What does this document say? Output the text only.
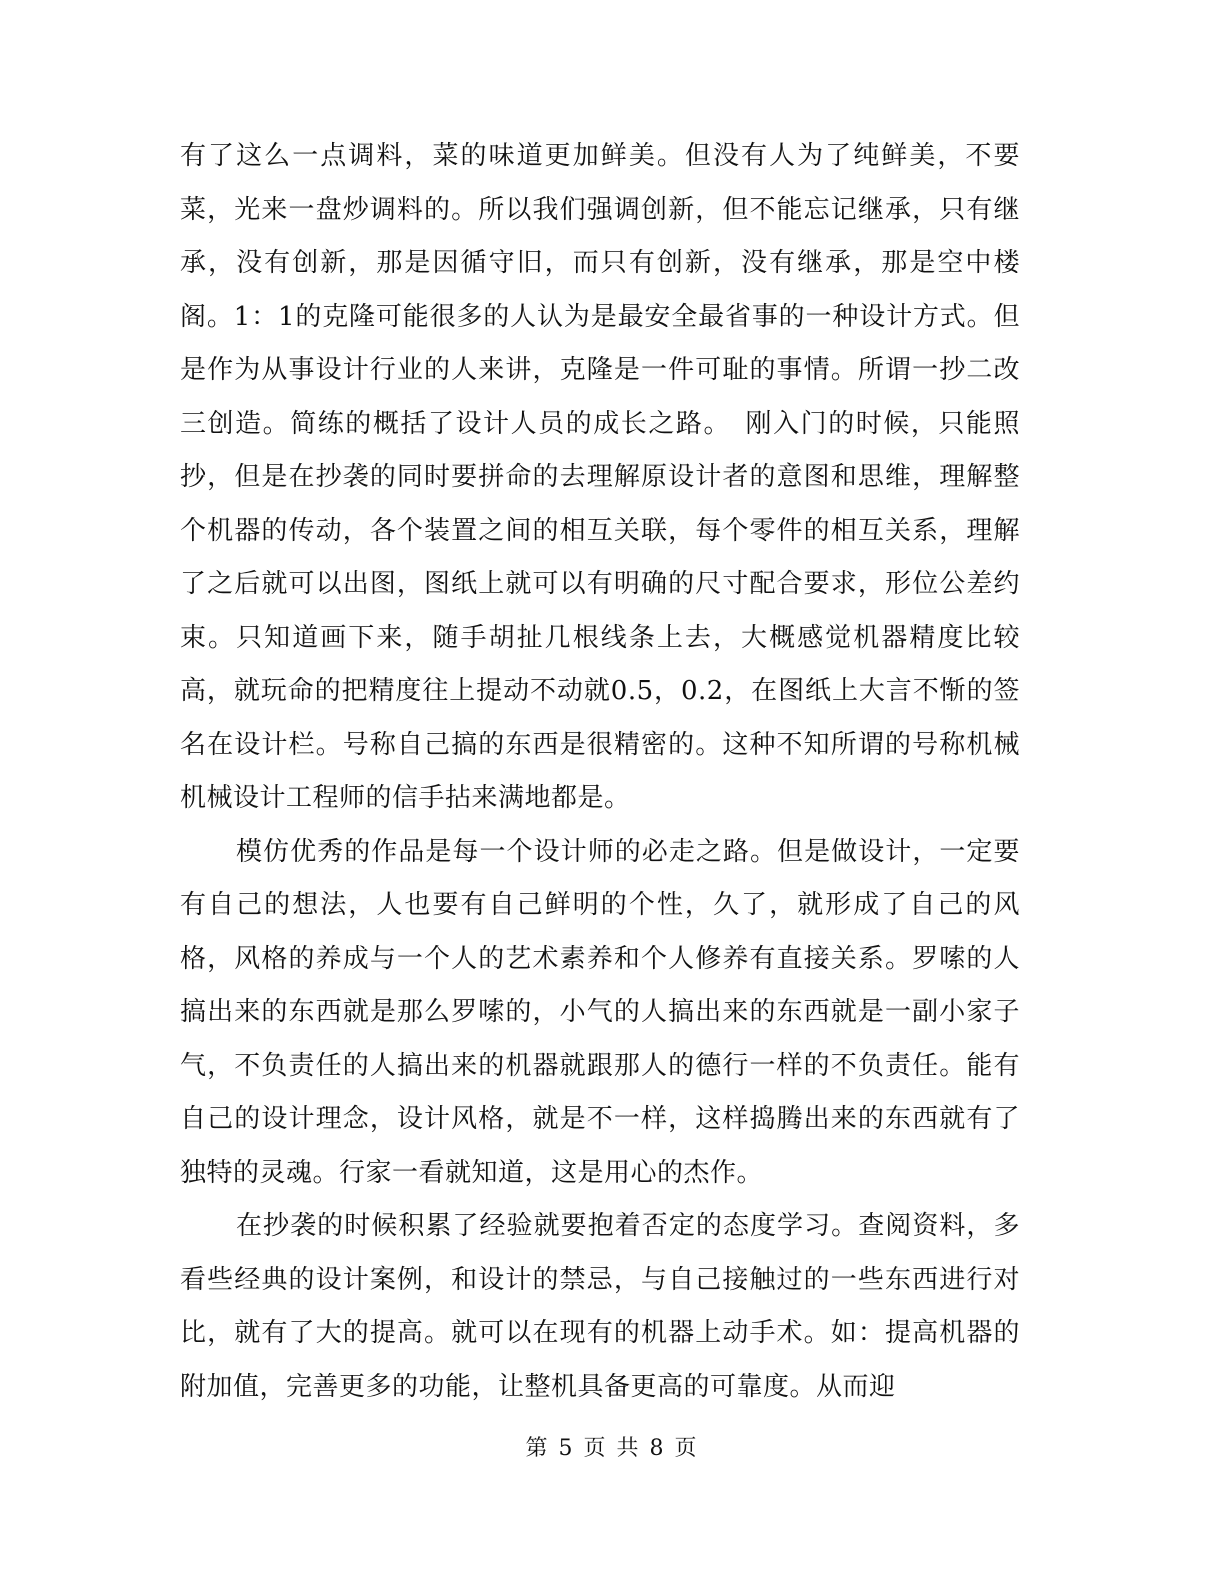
有了这么一点调料，菜的味道更加鲜美。但没有人为了纯鲜美，不要菜，光来一盘炒调料的。所以我们强调创新，但不能忘记继承，只有继承，没有创新，那是因循守旧，而只有创新，没有继承，那是空中楼阁。1：1的克隆可能很多的人认为是最安全最省事的一种设计方式。但是作为从事设计行业的人来讲，克隆是一件可耻的事情。所谓一抄二改三创造。简练的概括了设计人员的成长之路。　刚入门的时候，只能照抄，但是在抄袭的同时要拼命的去理解原设计者的意图和思维，理解整个机器的传动，各个装置之间的相互关联，每个零件的相互关系，理解了之后就可以出图，图纸上就可以有明确的尺寸配合要求，形位公差约束。只知道画下来，随手胡扯几根线条上去，大概感觉机器精度比较高，就玩命的把精度往上提动不动就0.5，0.2，在图纸上大言不惭的签名在设计栏。号称自己搞的东西是很精密的。这种不知所谓的号称机械机械设计工程师的信手拈来满地都是。

模仿优秀的作品是每一个设计师的必走之路。但是做设计，一定要有自己的想法，人也要有自己鲜明的个性，久了，就形成了自己的风格，风格的养成与一个人的艺术素养和个人修养有直接关系。罗嗦的人搞出来的东西就是那么罗嗦的，小气的人搞出来的东西就是一副小家子气，不负责任的人搞出来的机器就跟那人的德行一样的不负责任。能有自己的设计理念，设计风格，就是不一样，这样捣腾出来的东西就有了独特的灵魂。行家一看就知道，这是用心的杰作。

在抄袭的时候积累了经验就要抱着否定的态度学习。查阅资料，多看些经典的设计案例，和设计的禁忌，与自己接触过的一些东西进行对比，就有了大的提高。就可以在现有的机器上动手术。如：提高机器的附加值，完善更多的功能，让整机具备更高的可靠度。从而迎

第 5 页 共 8 页
